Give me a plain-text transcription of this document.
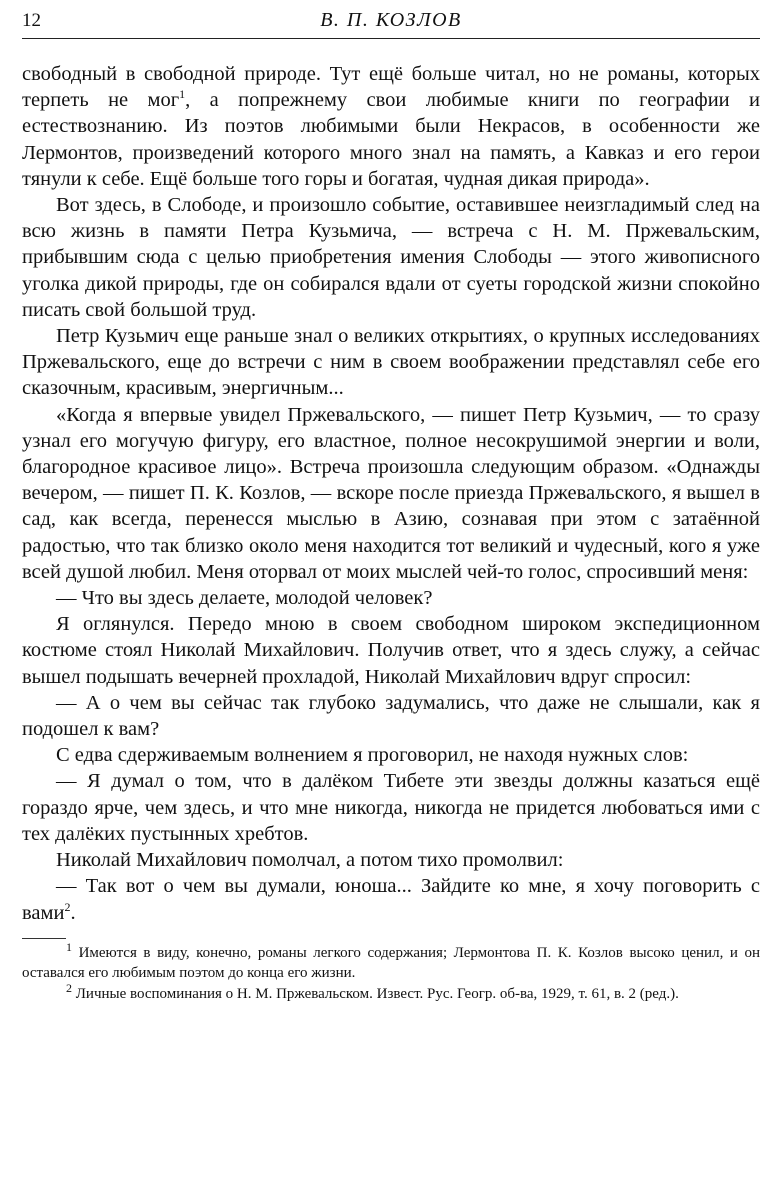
12	В. П. КОЗЛОВ

свободный в свободной природе. Тут ещё больше читал, но не романы, которых терпеть не мог$^1$, а попрежнему свои любимые книги по географии и естествознанию. Из поэтов любимыми были Некрасов, в особенности же Лермонтов, произведений которого много знал на память, а Кавказ и его герои тянули к себе. Ещё больше того горы и богатая, чудная дикая природа».

Вот здесь, в Слободе, и произошло событие, оставившее неизгладимый след на всю жизнь в памяти Петра Кузьмича, — встреча с Н. М. Пржевальским, прибывшим сюда с целью приобретения имения Слободы — этого живописного уголка дикой природы, где он собирался вдали от суеты городской жизни спокойно писать свой большой труд.

Петр Кузьмич еще раньше знал о великих открытиях, о крупных исследованиях Пржевальского, еще до встречи с ним в своем воображении представлял себе его сказочным, красивым, энергичным...

«Когда я впервые увидел Пржевальского, — пишет Петр Кузьмич, — то сразу узнал его могучую фигуру, его властное, полное несокрушимой энергии и воли, благородное красивое лицо». Встреча произошла следующим образом. «Однажды вечером, — пишет П. К. Козлов, — вскоре после приезда Пржевальского, я вышел в сад, как всегда, перенесся мыслью в Азию, сознавая при этом с затаённой радостью, что так близко около меня находится тот великий и чудесный, кого я уже всей душой любил. Меня оторвал от моих мыслей чей-то голос, спросивший меня:

— Что вы здесь делаете, молодой человек?

Я оглянулся. Передо мною в своем свободном широком экспедиционном костюме стоял Николай Михайлович. Получив ответ, что я здесь служу, а сейчас вышел подышать вечерней прохладой, Николай Михайлович вдруг спросил:

— А о чем вы сейчас так глубоко задумались, что даже не слышали, как я подошел к вам?

С едва сдерживаемым волнением я проговорил, не находя нужных слов:

— Я думал о том, что в далёком Тибете эти звезды должны казаться ещё гораздо ярче, чем здесь, и что мне никогда, никогда не придется любоваться ими с тех далёких пустынных хребтов.

Николай Михайлович помолчал, а потом тихо промолвил:

— Так вот о чем вы думали, юноша... Зайдите ко мне, я хочу поговорить с вами$^2$.

$^1$ Имеются в виду, конечно, романы легкого содержания; Лермонтова П. К. Козлов высоко ценил, и он оставался его любимым поэтом до конца его жизни.

$^2$ Личные воспоминания о Н. М. Пржевальском. Извест. Рус. Геогр. об-ва, 1929, т. 61, в. 2 (ред.).
